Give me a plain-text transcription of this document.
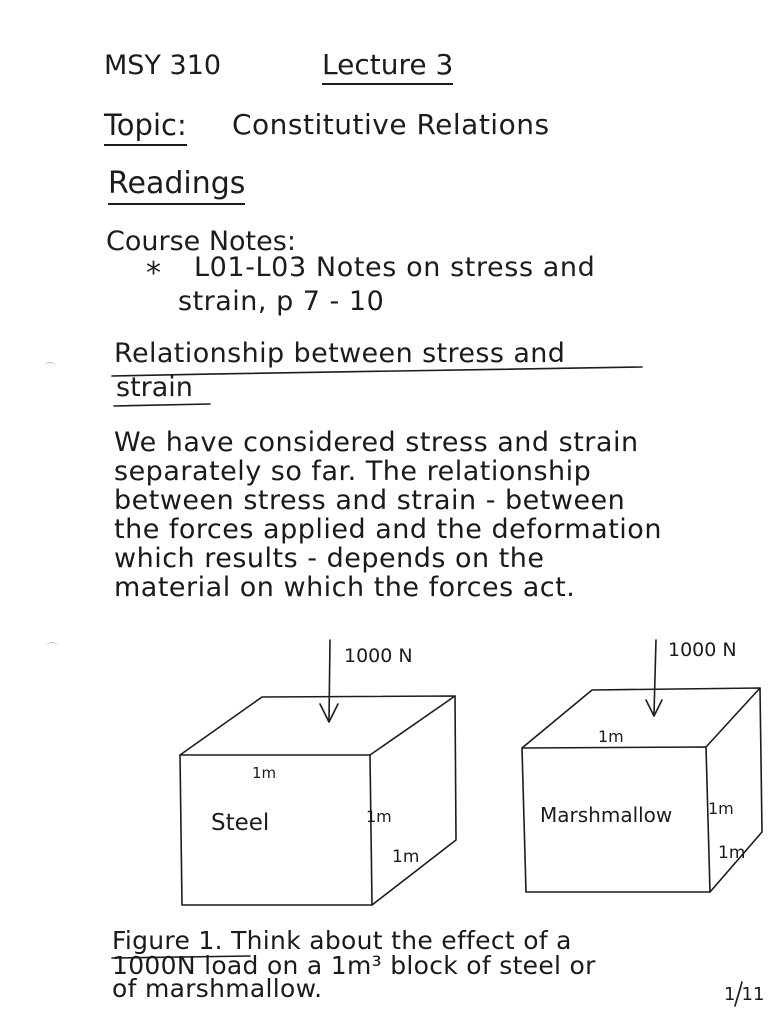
MSY 310	Lecture 3
Topic: Constitutive Relations
Readings
Course Notes:
* L01-L03 Notes on stress and
strain, p 7 - 10
Relationship between stress and
strain
We have considered stress and strain
separately so far. The relationship
between stress and strain - between
the forces applied and the deformation
which results - depends on the
material on which the forces act.
1000 N
1m
Steel	1m
1m
1000 N
1m
Marshmallow 1m
1m
Figure 1. Think about the effect of a
1000N load on a 1m³ block of steel or
of marshmallow.	1/11
